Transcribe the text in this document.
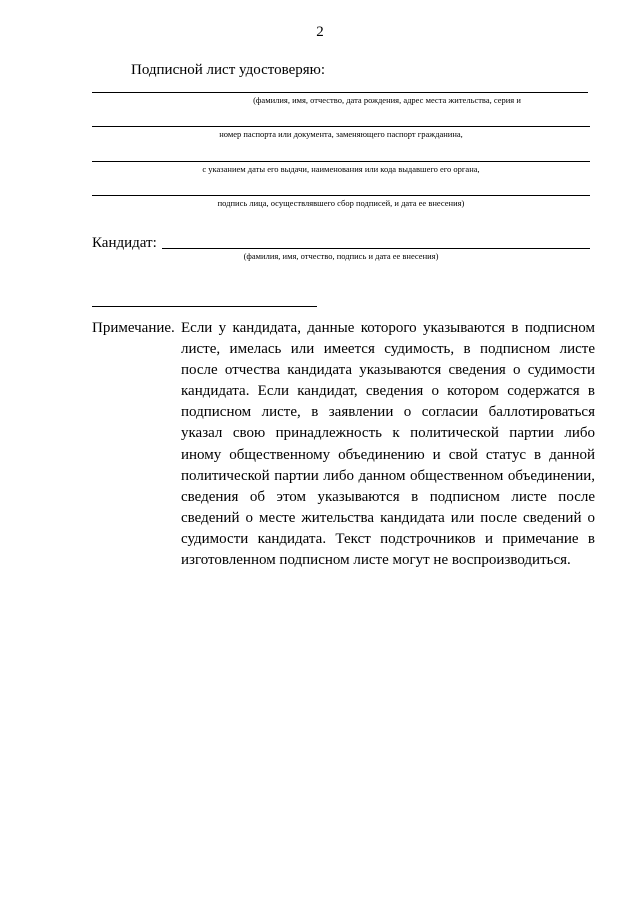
2
Подписной лист удостоверяю:
(фамилия, имя, отчество, дата рождения, адрес места жительства, серия и
номер паспорта или документа, заменяющего паспорт гражданина,
с указанием даты его выдачи, наименования или кода выдавшего его органа,
подпись лица, осуществлявшего сбор подписей, и дата ее внесения)
Кандидат:
(фамилия, имя, отчество, подпись и дата ее внесения)
Примечание. Если у кандидата, данные которого указываются в подписном листе, имелась или имеется судимость, в подписном листе после отчества кандидата указываются сведения о судимости кандидата. Если кандидат, сведения о котором содержатся в подписном листе, в заявлении о согласии баллотироваться указал свою принадлежность к политической партии либо иному общественному объединению и свой статус в данной политической партии либо данном общественном объединении, сведения об этом указываются в подписном листе после сведений о месте жительства кандидата или после сведений о судимости кандидата. Текст подстрочников и примечание в изготовленном подписном листе могут не воспроизводиться.
